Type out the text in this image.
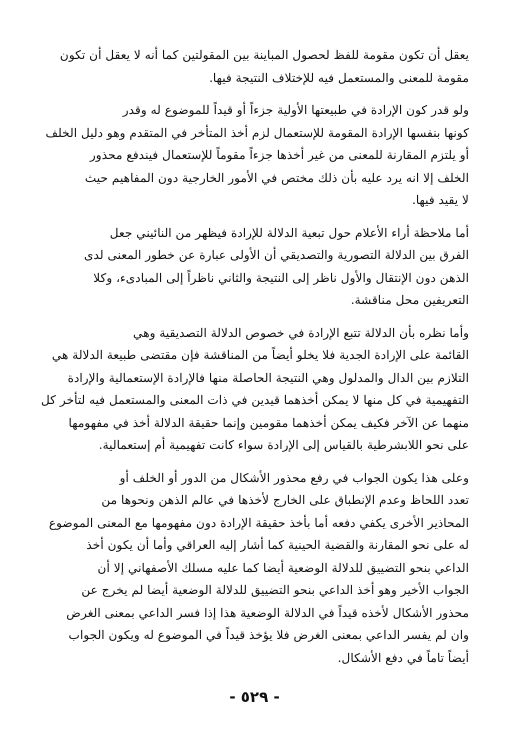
يعقل أن تكون مقومة للفظ لحصول المباينة بين المقولتين كما أنه لا يعقل أن تكون
مقومة للمعنى والمستعمل فيه للإختلاف النتيجة فيها.

ولو قدر كون الإرادة في طبيعتها الأولية جزءاً أو قيداً للموضوع له وقدر
كونها بنفسها الإرادة المقومة للإستعمال لزم أخذ المتأخر في المتقدم وهو دليل الخلف
أو يلتزم المقارنة للمعنى من غير أخذها جزءاً مقوماً للإستعمال فيندفع محذور
الخلف إلا انه يرد عليه بأن ذلك مختص في الأمور الخارجية دون المفاهيم حيث
لا يقيد فيها.

أما ملاحظة أراء الأعلام حول تبعية الدلالة للإرادة فيظهر من النائيني جعل
الفرق بين الدلالة التصورية والتصديقي أن الأولى عبارة عن خطور المعنى لدى
الذهن دون الإنتقال والأول ناظر إلى النتيجة والثاني ناظراً إلى المبادىء، وكلا
التعريفين محل مناقشة.

وأما نظره بأن الدلالة تتبع الإرادة في خصوص الدلالة التصديقية وهي
القائمة على الإرادة الجدية فلا يخلو أيضاً من المناقشة فإن مقتضى طبيعة الدلالة هي
التلازم بين الدال والمدلول وهي النتيجة الحاصلة منها فالإرادة الإستعمالية والإرادة
التفهيمية في كل منها لا يمكن أخذهما قيدين في ذات المعنى والمستعمل فيه لتأخر كل
منهما عن الآخر فكيف يمكن أخذهما مقومين وإنما حقيقة الدلالة أخذ في مفهومها
على نحو اللابشرطية بالقياس إلى الإرادة سواء كانت تفهيمية أم إستعمالية.

وعلى هذا يكون الجواب في رفع محذور الأشكال من الدور أو الخلف أو
تعدد اللحاظ وعدم الإنطباق على الخارج لأخذها في عالم الذهن ونحوها من
المحاذير الأخرى يكفي دفعه أما بأخذ حقيقة الإرادة دون مفهومها مع المعنى الموضوع
له على نحو المقارنة والقضية الحينية كما أشار إليه العراقي وأما أن يكون أخذ
الداعي بنحو التضييق للدلالة الوضعية أيضا كما عليه مسلك الأصفهاني إلا أن
الجواب الأخير وهو أخذ الداعي بنحو التضييق للدلالة الوضعية أيضا لم يخرج عن
محذور الأشكال لأخذه قيداً في الدلالة الوضعية هذا إذا فسر الداعي بمعنى الغرض
وان لم يفسر الداعي بمعنى الغرض فلا يؤخذ قيداً في الموضوع له ويكون الجواب
أيضاً تاماً في دفع الأشكال.

- ٥٢٩ -
